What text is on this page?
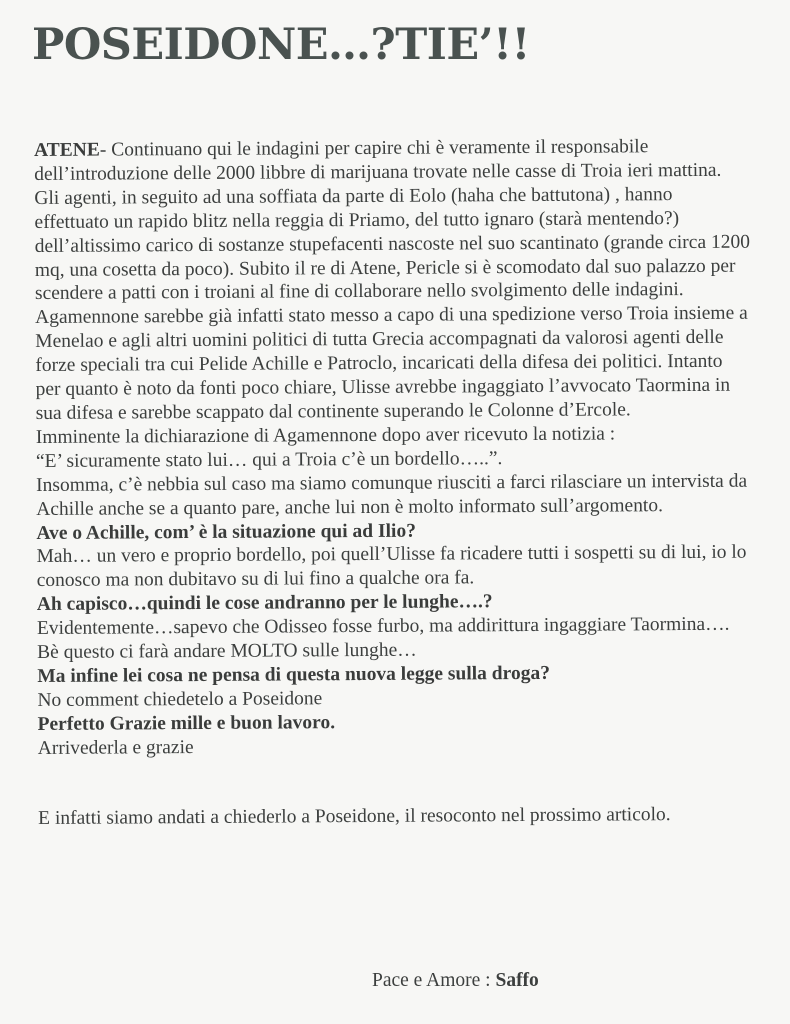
POSEIDONE…?TIE’!!

ATENE- Continuano qui le indagini per capire chi è veramente il responsabile dell’introduzione delle 2000 libbre di marijuana trovate nelle casse di Troia ieri mattina. Gli agenti, in seguito ad una soffiata da parte di Eolo (haha che battutona) , hanno effettuato un rapido blitz nella reggia di Priamo, del tutto ignaro (starà mentendo?) dell’altissimo carico di sostanze stupefacenti nascoste nel suo scantinato (grande circa 1200 mq, una cosetta da poco). Subito il re di Atene, Pericle si è scomodato dal suo palazzo per scendere a patti con i troiani al fine di collaborare nello svolgimento delle indagini. Agamennone sarebbe già infatti stato messo a capo di una spedizione verso Troia insieme a Menelao e agli altri uomini politici di tutta Grecia accompagnati da valorosi agenti delle forze speciali tra cui Pelide Achille e Patroclo, incaricati della difesa dei politici. Intanto per quanto è noto da fonti poco chiare, Ulisse avrebbe ingaggiato l’avvocato Taormina in sua difesa e sarebbe scappato dal continente superando le Colonne d’Ercole.

Imminente la dichiarazione di Agamennone dopo aver ricevuto la notizia :

“E’ sicuramente stato lui… qui a Troia c’è un bordello…..”.

Insomma, c’è nebbia sul caso ma siamo comunque riusciti a farci rilasciare un intervista da Achille anche se a quanto pare, anche lui non è molto informato sull’argomento.

Ave o Achille, com’ è la situazione qui ad Ilio?

Mah… un vero e proprio bordello, poi quell’Ulisse fa ricadere tutti i sospetti su di lui, io lo conosco ma non dubitavo su di lui fino a qualche ora fa.

Ah capisco…quindi le cose andranno per le lunghe….?

Evidentemente…sapevo che Odisseo fosse furbo, ma addirittura ingaggiare Taormina…. Bè questo ci farà andare MOLTO sulle lunghe…

Ma infine lei cosa ne pensa di questa nuova legge sulla droga?

No comment chiedetelo a Poseidone

Perfetto Grazie mille e buon lavoro.

Arrivederla e grazie

E infatti siamo andati a chiederlo a Poseidone, il resoconto nel prossimo articolo.

Pace e Amore : Saffo
